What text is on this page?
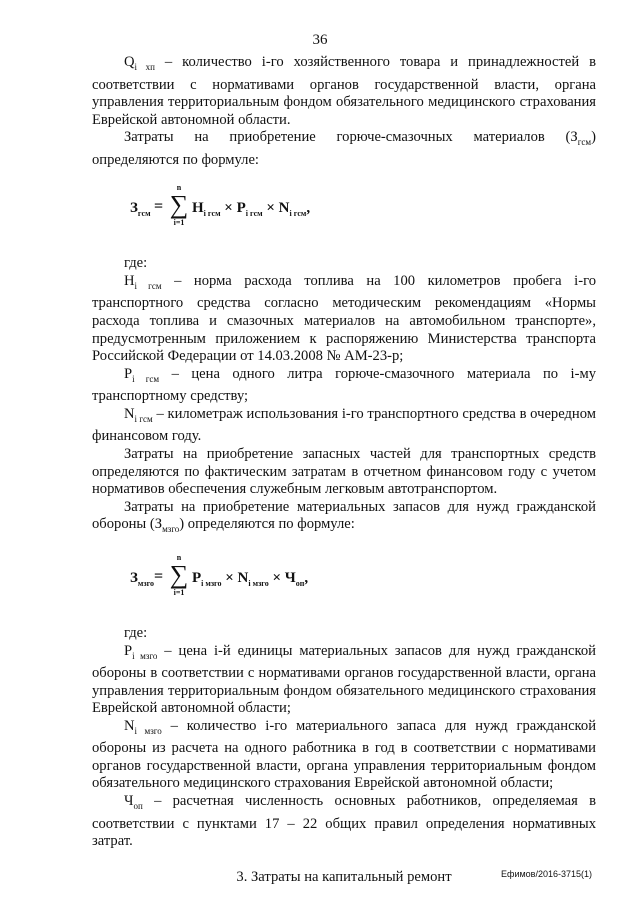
36

$Q_{i хп}$ – количество i-го хозяйственного товара и принадлежностей в соответствии с нормативами органов государственной власти, органа управления территориальным фондом обязательного медицинского страхования Еврейской автономной области.

Затраты на приобретение горюче-смазочных материалов $(З_{гсм})$ определяются по формуле:

$З_{гсм}$ =
n
∑
i=1
$H_{i гсм} \times P_{i гсм} \times N_{i гсм}$,

где:

$H_{i гсм}$ – норма расхода топлива на 100 километров пробега i-го транспортного средства согласно методическим рекомендациям «Нормы расхода топлива и смазочных материалов на автомобильном транспорте», предусмотренным приложением к распоряжению Министерства транспорта Российской Федерации от 14.03.2008 № АМ-23-р;

$P_{i гсм}$ – цена одного литра горюче-смазочного материала по i-му транспортному средству;

$N_{i гсм}$ – километраж использования i-го транспортного средства в очередном финансовом году.

Затраты на приобретение запасных частей для транспортных средств определяются по фактическим затратам в отчетном финансовом году с учетом нормативов обеспечения служебным легковым автотранспортом.

Затраты на приобретение материальных запасов для нужд гражданской обороны $(З_{мзго})$ определяются по формуле:

$З_{мзго}$ =
n
∑
i=1
$P_{i мзго} \times N_{i мзго} \times Ч_{оп}$,

где:

$P_{i мзго}$ – цена i-й единицы материальных запасов для нужд гражданской обороны в соответствии с нормативами органов государственной власти, органа управления территориальным фондом обязательного медицинского страхования Еврейской автономной области;

$N_{i мзго}$ – количество i-го материального запаса для нужд гражданской обороны из расчета на одного работника в год в соответствии с нормативами органов государственной власти, органа управления территориальным фондом обязательного медицинского страхования Еврейской автономной области;

$Ч_{оп}$ – расчетная численность основных работников, определяемая в соответствии с пунктами 17 – 22 общих правил определения нормативных затрат.

3. Затраты на капитальный ремонт	Ефимов/2016-3715(1)
